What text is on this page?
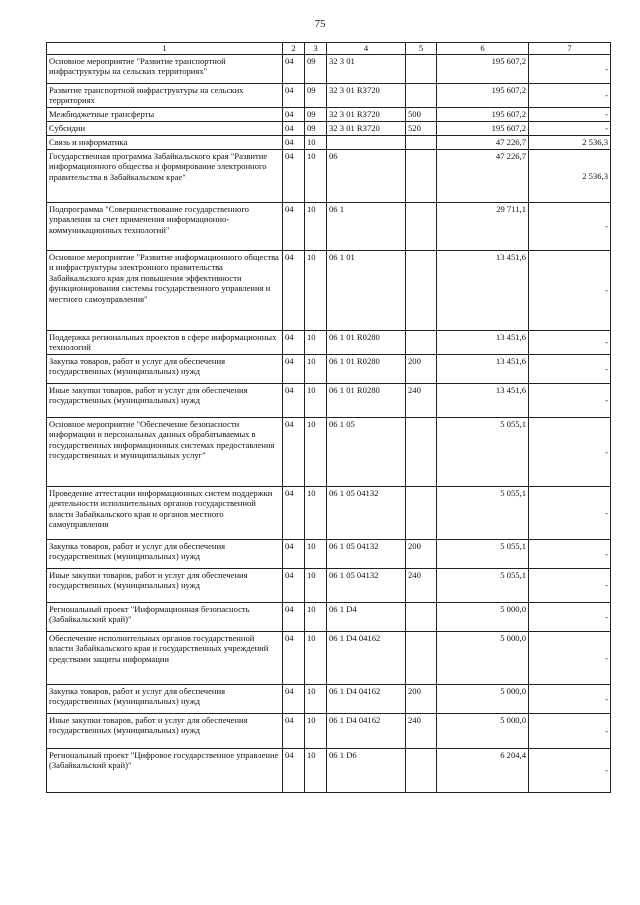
75
1	2	3	4	5	6	7
Основное мероприятие "Развитие транспортной инфраструктуры на сельских территориях"	04	09	32 3 01		195 607,2	-
Развитие транспортной инфраструктуры на сельских территориях	04	09	32 3 01 R3720		195 607,2	-
Межбюджетные трансферты	04	09	32 3 01 R3720	500	195 607,2	-
Субсидии	04	09	32 3 01 R3720	520	195 607,2	-
Связь и информатика	04	10			47 226,7	2 536,3
Государственная программа Забайкальского края "Развитие информационного общества и формирование электронного правительства в Забайкальском крае"	04	10	06		47 226,7	2 536,3
Подпрограмма "Совершенствование государственного управления за счет применения информационно-коммуникационных технологий"	04	10	06 1		29 711,1	-
Основное мероприятие "Развитие информационного общества и инфраструктуры электронного правительства Забайкальского края для повышения эффективности функционирования системы государственного управления и местного самоуправления"	04	10	06 1 01		13 451,6	-
Поддержка региональных проектов в сфере информационных технологий	04	10	06 1 01 R0280		13 451,6	-
Закупка товаров, работ и услуг для обеспечения государственных (муниципальных) нужд	04	10	06 1 01 R0280	200	13 451,6	-
Иные закупки товаров, работ и услуг для обеспечения государственных (муниципальных) нужд	04	10	06 1 01 R0280	240	13 451,6	-
Основное мероприятие "Обеспечение безопасности информации и персональных данных обрабатываемых в государственных информационных системах предоставления государственных и муниципальных услуг"	04	10	06 1 05		5 055,1	-
Проведение аттестации информационных систем поддержки деятельности исполнительных органов государственной власти Забайкальского края и органов местного самоуправления	04	10	06 1 05 04132		5 055,1	-
Закупка товаров, работ и услуг для обеспечения государственных (муниципальных) нужд	04	10	06 1 05 04132	200	5 055,1	-
Иные закупки товаров, работ и услуг для обеспечения государственных (муниципальных) нужд	04	10	06 1 05 04132	240	5 055,1	-
Региональный проект "Информационная безопасность (Забайкальский край)"	04	10	06 1 D4		5 000,0	-
Обеспечение исполнительных органов государственной власти Забайкальского края и государственных учреждений средствами защиты информации	04	10	06 1 D4 04162		5 000,0	-
Закупка товаров, работ и услуг для обеспечения государственных (муниципальных) нужд	04	10	06 1 D4 04162	200	5 000,0	-
Иные закупки товаров, работ и услуг для обеспечения государственных (муниципальных) нужд	04	10	06 1 D4 04162	240	5 000,0	-
Региональный проект "Цифровое государственное управление (Забайкальский край)"	04	10	06 1 D6		6 204,4	-
